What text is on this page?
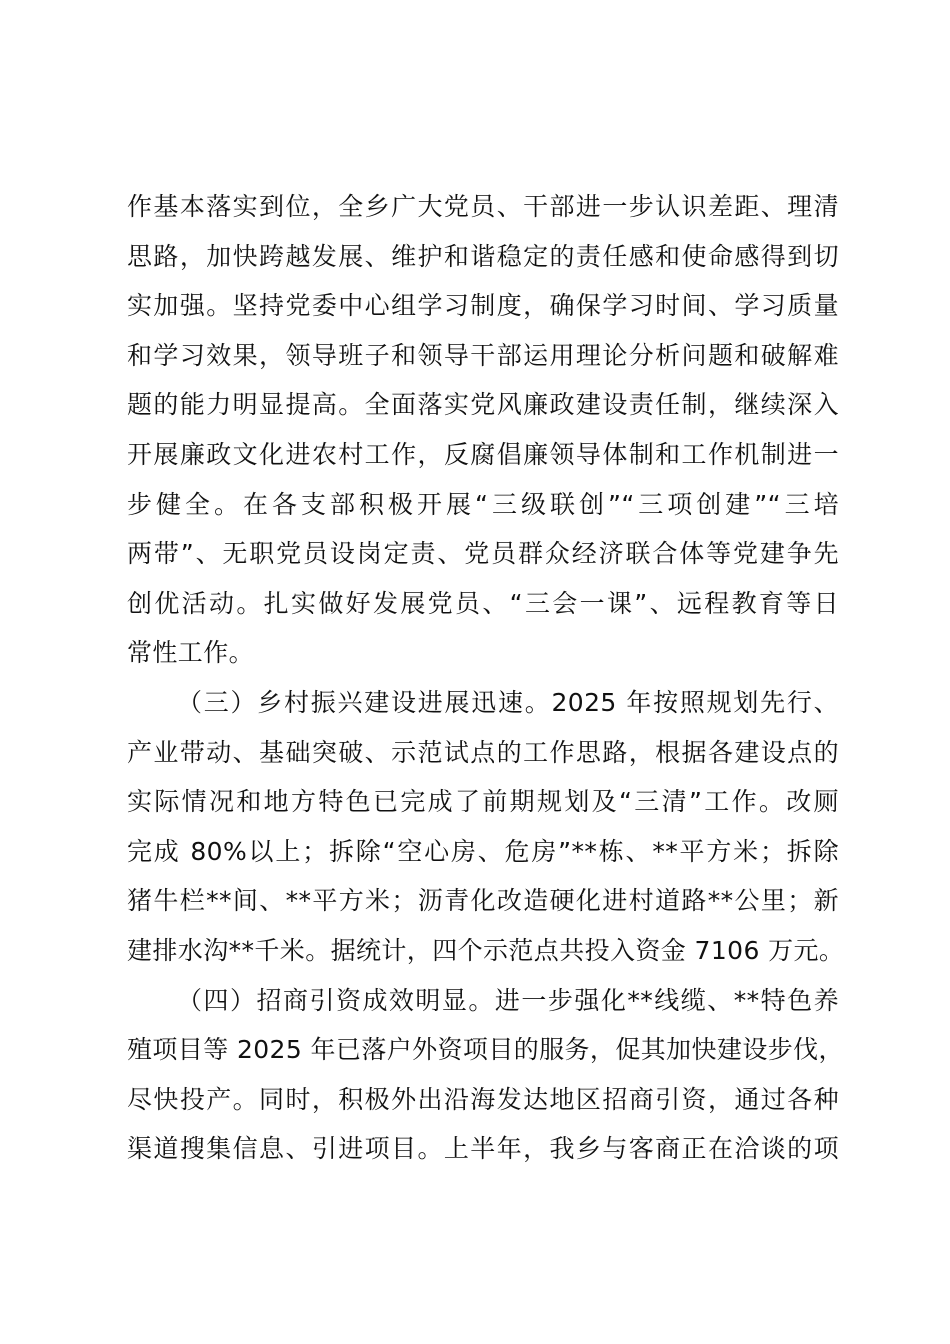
作基本落实到位，全乡广大党员、干部进一步认识差距、理清
思路，加快跨越发展、维护和谐稳定的责任感和使命感得到切
实加强。坚持党委中心组学习制度，确保学习时间、学习质量
和学习效果，领导班子和领导干部运用理论分析问题和破解难
题的能力明显提高。全面落实党风廉政建设责任制，继续深入
开展廉政文化进农村工作，反腐倡廉领导体制和工作机制进一
步健全。在各支部积极开展“三级联创”“三项创建”“三培
两带”、无职党员设岗定责、党员群众经济联合体等党建争先
创优活动。扎实做好发展党员、“三会一课”、远程教育等日
常性工作。
（三）乡村振兴建设进展迅速。2025 年按照规划先行、
产业带动、基础突破、示范试点的工作思路，根据各建设点的
实际情况和地方特色已完成了前期规划及“三清”工作。改厕
完成 80%以上；拆除“空心房、危房”**栋、**平方米；拆除
猪牛栏**间、**平方米；沥青化改造硬化进村道路**公里；新
建排水沟**千米。据统计，四个示范点共投入资金 7106 万元。
（四）招商引资成效明显。进一步强化**线缆、**特色养
殖项目等 2025 年已落户外资项目的服务，促其加快建设步伐，
尽快投产。同时，积极外出沿海发达地区招商引资，通过各种
渠道搜集信息、引进项目。上半年，我乡与客商正在洽谈的项
